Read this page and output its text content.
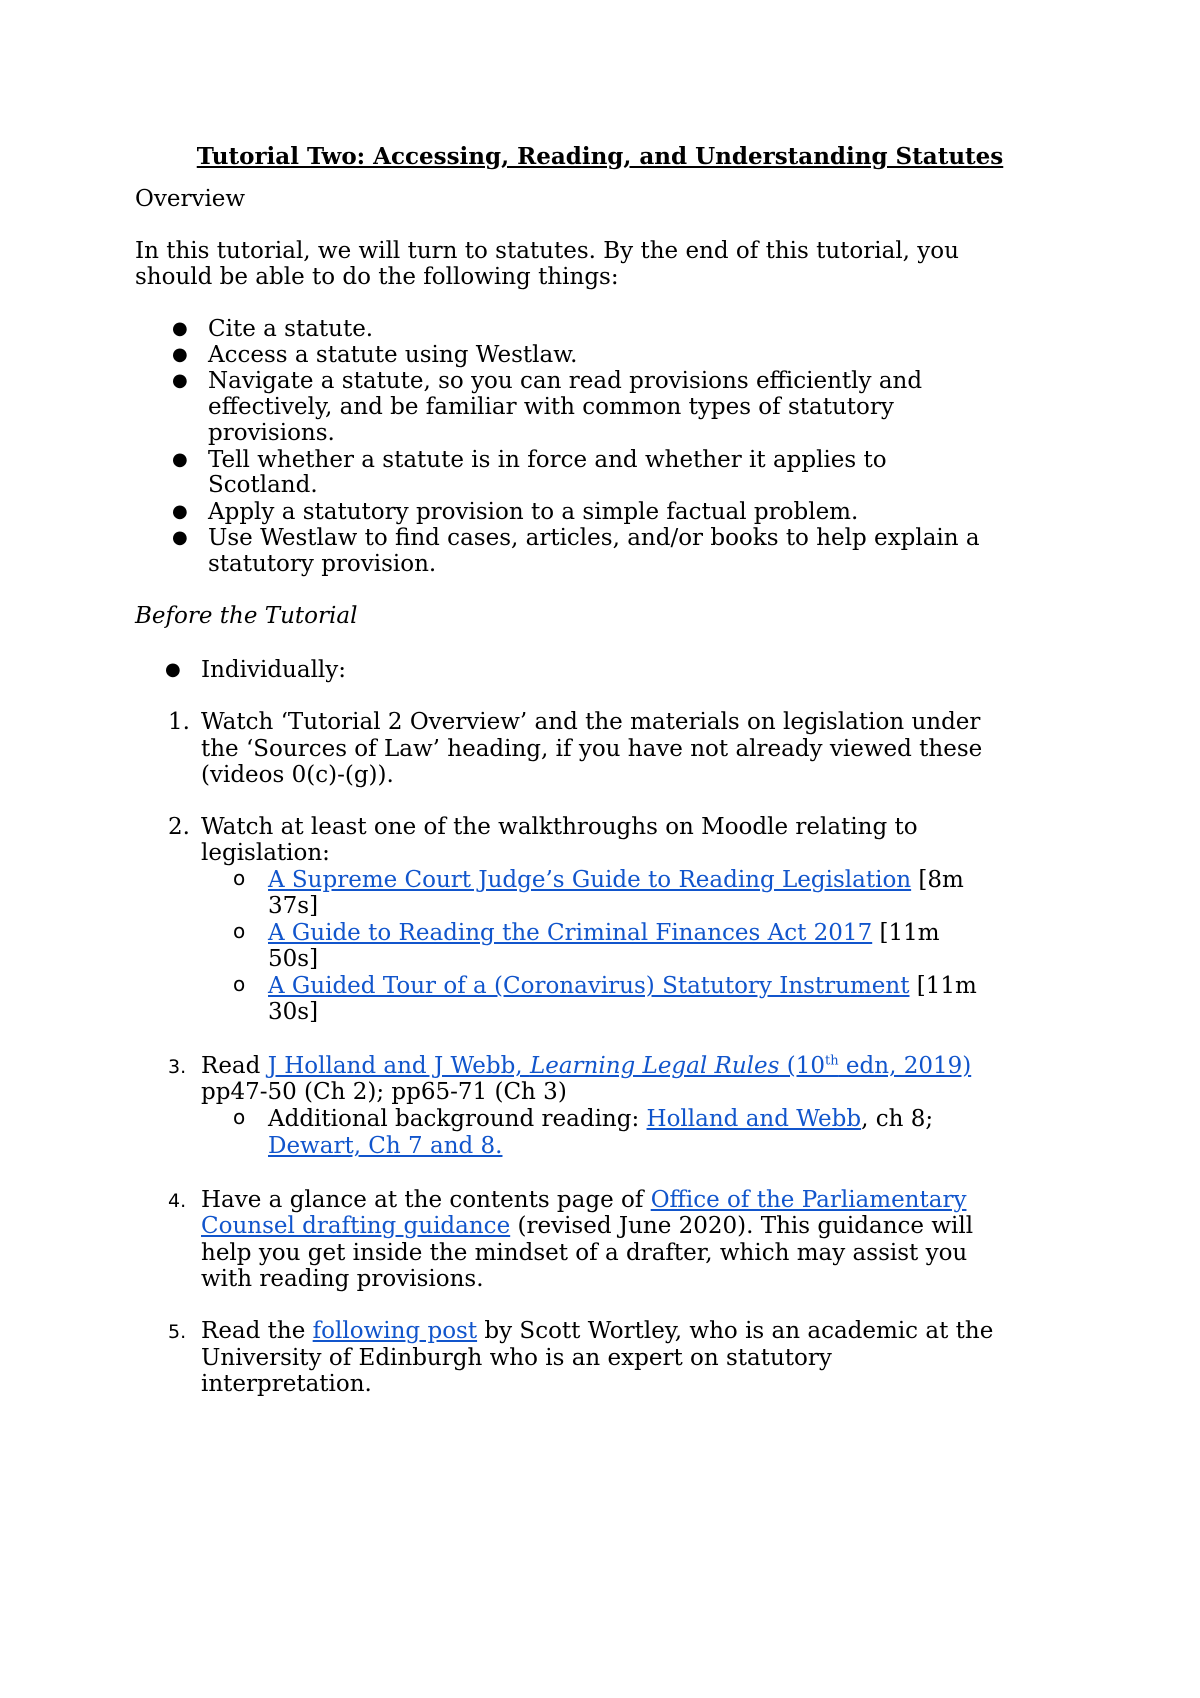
Tutorial Two: Accessing, Reading, and Understanding Statutes
Overview
In this tutorial, we will turn to statutes. By the end of this tutorial, you
should be able to do the following things:
● Cite a statute.
● Access a statute using Westlaw.
● Navigate a statute, so you can read provisions efficiently and
effectively, and be familiar with common types of statutory
provisions.
● Tell whether a statute is in force and whether it applies to
Scotland.
● Apply a statutory provision to a simple factual problem.
● Use Westlaw to find cases, articles, and/or books to help explain a
statutory provision.
Before the Tutorial
● Individually:
1. Watch ‘Tutorial 2 Overview’ and the materials on legislation under
the ‘Sources of Law’ heading, if you have not already viewed these
(videos 0(c)-(g)).
2. Watch at least one of the walkthroughs on Moodle relating to
legislation:
o A Supreme Court Judge’s Guide to Reading Legislation [8m
37s]
o A Guide to Reading the Criminal Finances Act 2017 [11m
50s]
o A Guided Tour of a (Coronavirus) Statutory Instrument [11m
30s]
3. Read J Holland and J Webb, Learning Legal Rules (10th edn, 2019)
pp47-50 (Ch 2); pp65-71 (Ch 3)
o Additional background reading: Holland and Webb, ch 8;
Dewart, Ch 7 and 8.
4. Have a glance at the contents page of Office of the Parliamentary
Counsel drafting guidance (revised June 2020). This guidance will
help you get inside the mindset of a drafter, which may assist you
with reading provisions.
5. Read the following post by Scott Wortley, who is an academic at the
University of Edinburgh who is an expert on statutory
interpretation.
